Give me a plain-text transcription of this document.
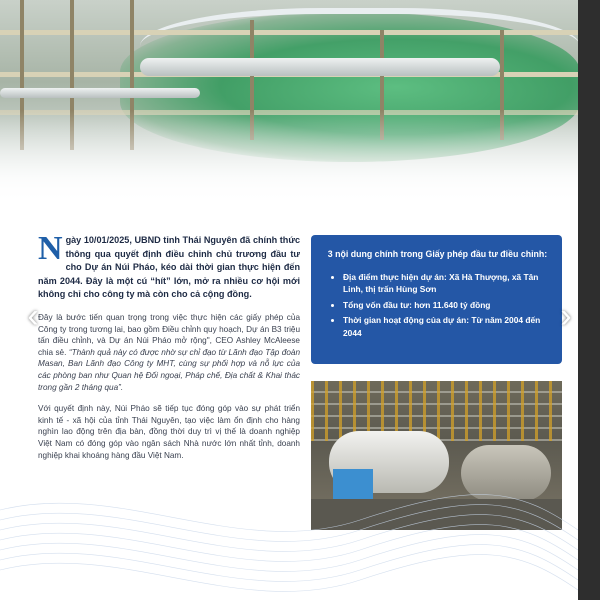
Ngày 10/01/2025, UBND tỉnh Thái Nguyên đã chính thức thông qua quyết định điều chỉnh chủ trương đầu tư cho Dự án Núi Pháo, kéo dài thời gian thực hiện đến năm 2044. Đây là một cú “hít” lớn, mở ra nhiều cơ hội mới không chỉ cho công ty mà còn cho cả cộng đồng.

Đây là bước tiến quan trọng trong việc thực hiện các giấy phép của Công ty trong tương lai, bao gồm Điều chỉnh quy hoạch, Dự án B3 triệu tấn điều chỉnh, và Dự án Núi Pháo mở rộng", CEO Ashley McAleese chia sẻ. “Thành quả này có được nhờ sự chỉ đạo từ Lãnh đạo Tập đoàn Masan, Ban Lãnh đạo Công ty MHT, cùng sự phối hợp và nỗ lực của các phòng ban như Quan hệ Đối ngoại, Pháp chế, Địa chất & Khai thác trong gần 2 tháng qua”.

Với quyết định này, Núi Pháo sẽ tiếp tục đóng góp vào sự phát triển kinh tế - xã hội của tỉnh Thái Nguyên, tạo việc làm ổn định cho hàng nghìn lao động trên địa bàn, đồng thời duy trì vị thế là doanh nghiệp Việt Nam có đóng góp vào ngân sách Nhà nước lớn nhất tỉnh, doanh nghiệp khai khoáng hàng đầu Việt Nam.

3 nội dung chính trong Giấy phép đầu tư điều chỉnh:
• Địa điểm thực hiện dự án: Xã Hà Thượng, xã Tân Linh, thị trấn Hùng Sơn
• Tổng vốn đầu tư: hơn 11.640 tỷ đồng
• Thời gian hoạt động của dự án: Từ năm 2004 đến 2044
‹	›
